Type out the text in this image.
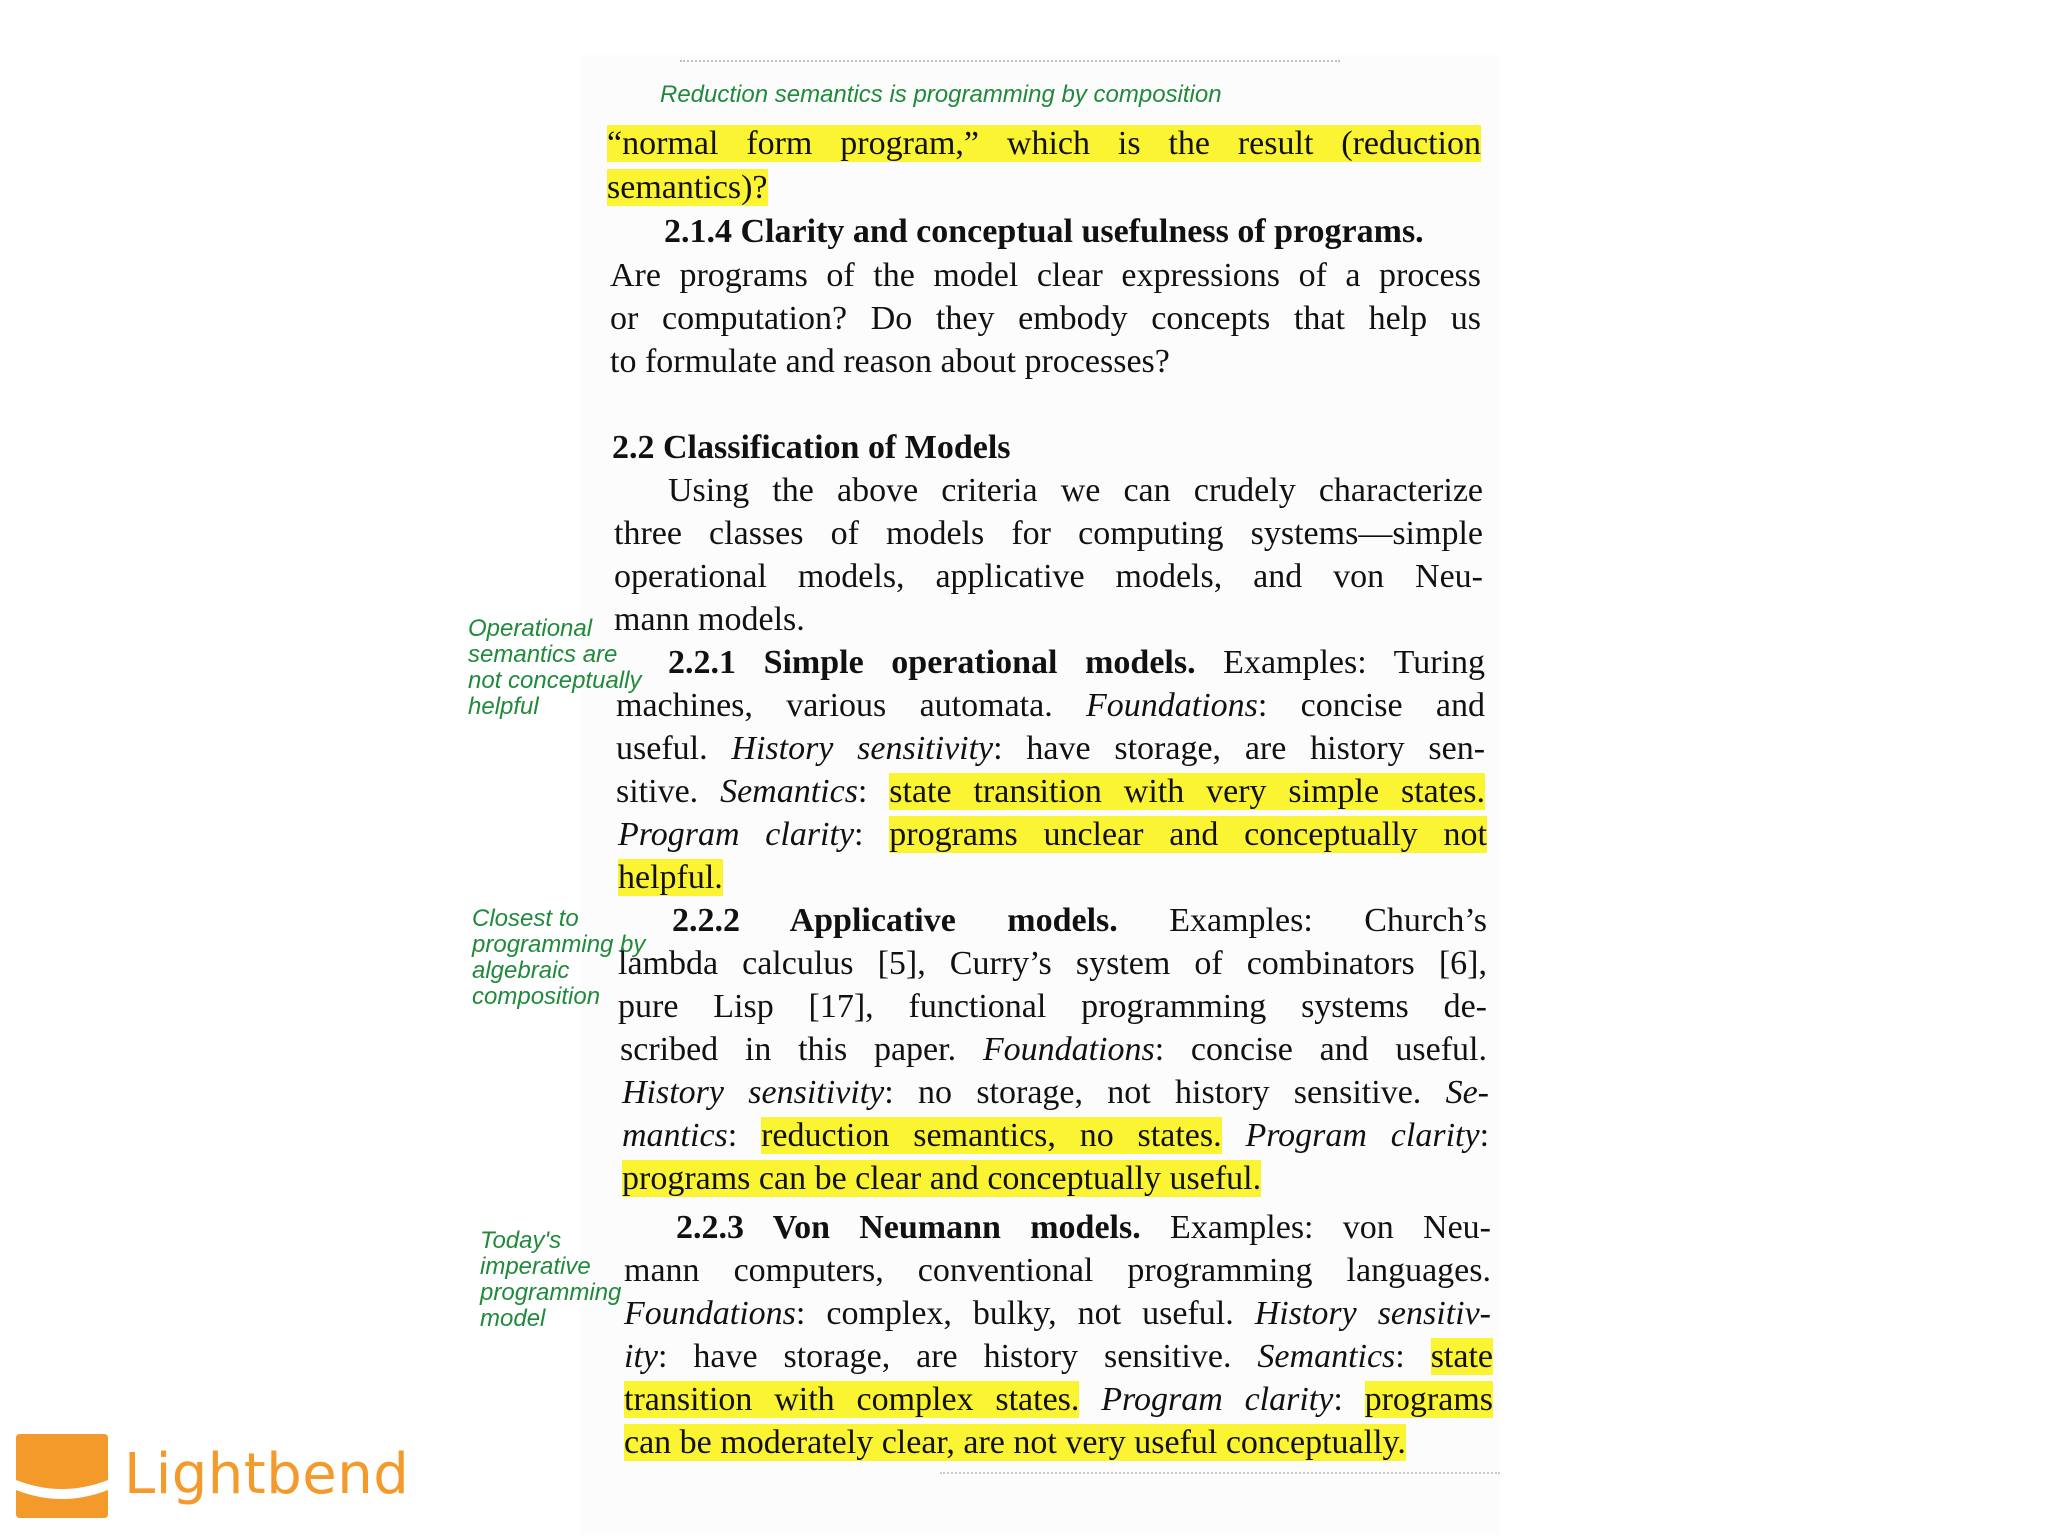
Reduction semantics is programming by composition

Operational
semantics are
not conceptually
helpful
Closest to
programming by
algebraic
composition
Today's
imperative
programming
model
“normal form program,” which is the result (reduction
semantics)?
2.1.4 Clarity and conceptual usefulness of programs.
Are programs of the model clear expressions of a process
or computation? Do they embody concepts that help us
to formulate and reason about processes?
2.2 Classification of Models
Using the above criteria we can crudely characterize
three classes of models for computing systems—simple
operational models, applicative models, and von Neu-
mann models.
2.2.1 Simple operational models. Examples: Turing
machines, various automata. Foundations: concise and
useful. History sensitivity: have storage, are history sen-
sitive. Semantics: state transition with very simple states.
Program clarity: programs unclear and conceptually not
helpful.
2.2.2 Applicative models. Examples: Church’s
lambda calculus [5], Curry’s system of combinators [6],
pure Lisp [17], functional programming systems de-
scribed in this paper. Foundations: concise and useful.
History sensitivity: no storage, not history sensitive. Se-
mantics: reduction semantics, no states. Program clarity:
programs can be clear and conceptually useful.
2.2.3 Von Neumann models. Examples: von Neu-
mann computers, conventional programming languages.
Foundations: complex, bulky, not useful. History sensitiv-
ity: have storage, are history sensitive. Semantics: state
transition with complex states. Program clarity: programs
can be moderately clear, are not very useful conceptually.
Lightbend
